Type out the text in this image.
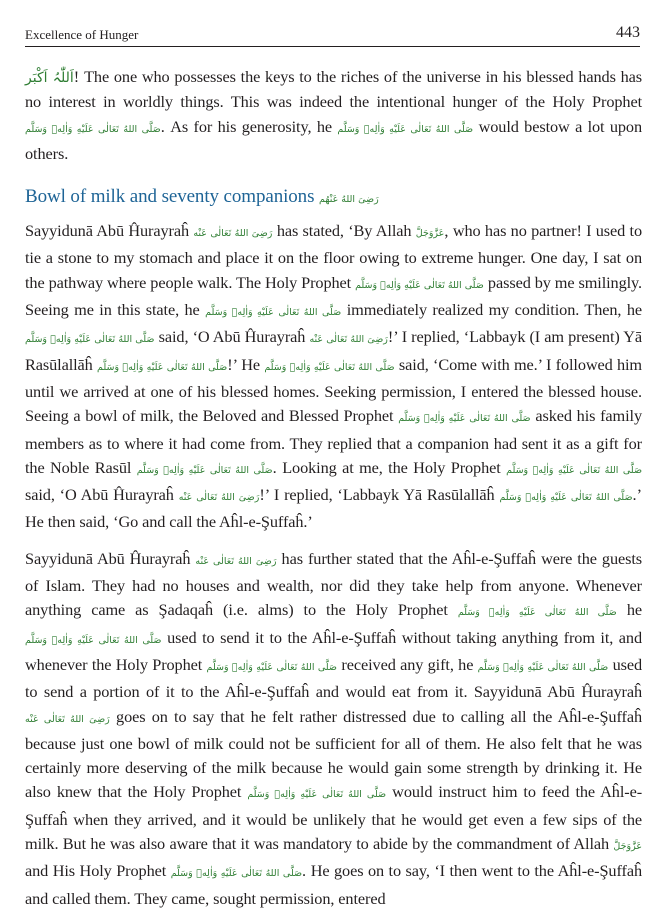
Excellence of Hunger	443

اَللّٰہُ اَکْبَر! The one who possesses the keys to the riches of the universe in his blessed hands has no interest in worldly things. This was indeed the intentional hunger of the Holy Prophet صَلَّى اللهُ تَعَالٰى عَلَيْهِ وَاٰلِهٖ وَسَلَّم. As for his generosity, he صَلَّى اللهُ تَعَالٰى عَلَيْهِ وَاٰلِهٖ وَسَلَّم would bestow a lot upon others.

Bowl of milk and seventy companions رَضِیَ اللهُ عَنْهُم

Sayyidunā Abū Ĥurayraĥ رَضِیَ اللهُ تَعَالٰی عَنْه has stated, ‘By Allah عَزَّوَجَلَّ, who has no partner! I used to tie a stone to my stomach and place it on the floor owing to extreme hunger. One day, I sat on the pathway where people walk. The Holy Prophet صَلَّى اللهُ تَعَالٰى عَلَيْهِ وَاٰلِهٖ وَسَلَّم passed by me smilingly. Seeing me in this state, he صَلَّى اللهُ تَعَالٰى عَلَيْهِ وَاٰلِهٖ وَسَلَّم immediately realized my condition. Then, he صَلَّى اللهُ تَعَالٰى عَلَيْهِ وَاٰلِهٖ وَسَلَّم said, ‘O Abū Ĥurayraĥ رَضِیَ اللهُ تَعَالٰی عَنْه!’ I replied, ‘Labbayk (I am present) Yā Rasūlallāĥ صَلَّى اللهُ تَعَالٰى عَلَيْهِ وَاٰلِهٖ وَسَلَّم!’ He صَلَّى اللهُ تَعَالٰى عَلَيْهِ وَاٰلِهٖ وَسَلَّم said, ‘Come with me.’ I followed him until we arrived at one of his blessed homes. Seeking permission, I entered the blessed house. Seeing a bowl of milk, the Beloved and Blessed Prophet صَلَّى اللهُ تَعَالٰى عَلَيْهِ وَاٰلِهٖ وَسَلَّم asked his family members as to where it had come from. They replied that a companion had sent it as a gift for the Noble Rasūl صَلَّى اللهُ تَعَالٰى عَلَيْهِ وَاٰلِهٖ وَسَلَّم. Looking at me, the Holy Prophet صَلَّى اللهُ تَعَالٰى عَلَيْهِ وَاٰلِهٖ وَسَلَّم said, ‘O Abū Ĥurayraĥ رَضِیَ اللهُ تَعَالٰی عَنْه!’ I replied, ‘Labbayk Yā Rasūlallāĥ صَلَّى اللهُ تَعَالٰى عَلَيْهِ وَاٰلِهٖ وَسَلَّم.’ He then said, ‘Go and call the Aĥl-e-Şuffaĥ.’

Sayyidunā Abū Ĥurayraĥ رَضِیَ اللهُ تَعَالٰی عَنْه has further stated that the Aĥl-e-Şuffaĥ were the guests of Islam. They had no houses and wealth, nor did they take help from anyone. Whenever anything came as Şadaqaĥ (i.e. alms) to the Holy Prophet صَلَّى اللهُ تَعَالٰى عَلَيْهِ وَاٰلِهٖ وَسَلَّم he صَلَّى اللهُ تَعَالٰى عَلَيْهِ وَاٰلِهٖ وَسَلَّم used to send it to the Aĥl-e-Şuffaĥ without taking anything from it, and whenever the Holy Prophet صَلَّى اللهُ تَعَالٰى عَلَيْهِ وَاٰلِهٖ وَسَلَّم received any gift, he صَلَّى اللهُ تَعَالٰى عَلَيْهِ وَاٰلِهٖ وَسَلَّم used to send a portion of it to the Aĥl-e-Şuffaĥ and would eat from it. Sayyidunā Abū Ĥurayraĥ رَضِیَ اللهُ تَعَالٰی عَنْه goes on to say that he felt rather distressed due to calling all the Aĥl-e-Şuffaĥ because just one bowl of milk could not be sufficient for all of them. He also felt that he was certainly more deserving of the milk because he would gain some strength by drinking it. He also knew that the Holy Prophet صَلَّى اللهُ تَعَالٰى عَلَيْهِ وَاٰلِهٖ وَسَلَّم would instruct him to feed the Aĥl-e-Şuffaĥ when they arrived, and it would be unlikely that he would get even a few sips of the milk. But he was also aware that it was mandatory to abide by the commandment of Allah عَزَّوَجَلَّ and His Holy Prophet صَلَّى اللهُ تَعَالٰى عَلَيْهِ وَاٰلِهٖ وَسَلَّم. He goes on to say, ‘I then went to the Aĥl-e-Şuffaĥ and called them. They came, sought permission, entered
